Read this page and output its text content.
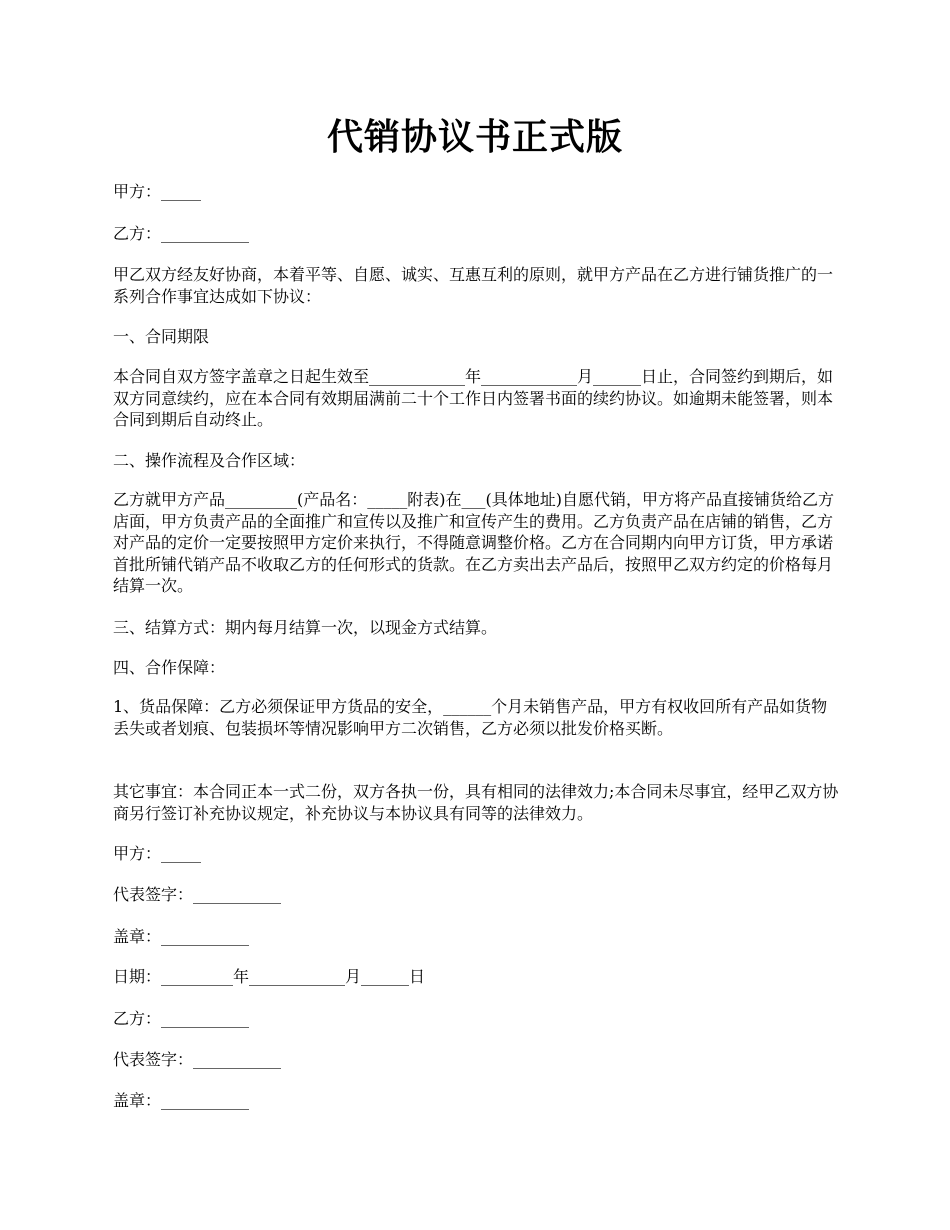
代销协议书正式版

甲方：_____

乙方：___________

甲乙双方经友好协商，本着平等、自愿、诚实、互惠互利的原则，就甲方产品在乙方进行铺货推广的一系列合作事宜达成如下协议：

一、合同期限

本合同自双方签字盖章之日起生效至____________年____________月______日止，合同签约到期后，如双方同意续约，应在本合同有效期届满前二十个工作日内签署书面的续约协议。如逾期未能签署，则本合同到期后自动终止。

二、操作流程及合作区域：

乙方就甲方产品_________(产品名：_____附表)在___(具体地址)自愿代销，甲方将产品直接铺货给乙方店面，甲方负责产品的全面推广和宣传以及推广和宣传产生的费用。乙方负责产品在店铺的销售，乙方对产品的定价一定要按照甲方定价来执行，不得随意调整价格。乙方在合同期内向甲方订货，甲方承诺首批所铺代销产品不收取乙方的任何形式的货款。在乙方卖出去产品后，按照甲乙双方约定的价格每月结算一次。

三、结算方式：期内每月结算一次，以现金方式结算。

四、合作保障：

1、货品保障：乙方必须保证甲方货品的安全，______个月未销售产品，甲方有权收回所有产品如货物丢失或者划痕、包装损坏等情况影响甲方二次销售，乙方必须以批发价格买断。

其它事宜：本合同正本一式二份，双方各执一份，具有相同的法律效力;本合同未尽事宜，经甲乙双方协商另行签订补充协议规定，补充协议与本协议具有同等的法律效力。

甲方：_____

代表签字：___________

盖章：___________

日期：_________年____________月______日

乙方：___________

代表签字：___________

盖章：___________
